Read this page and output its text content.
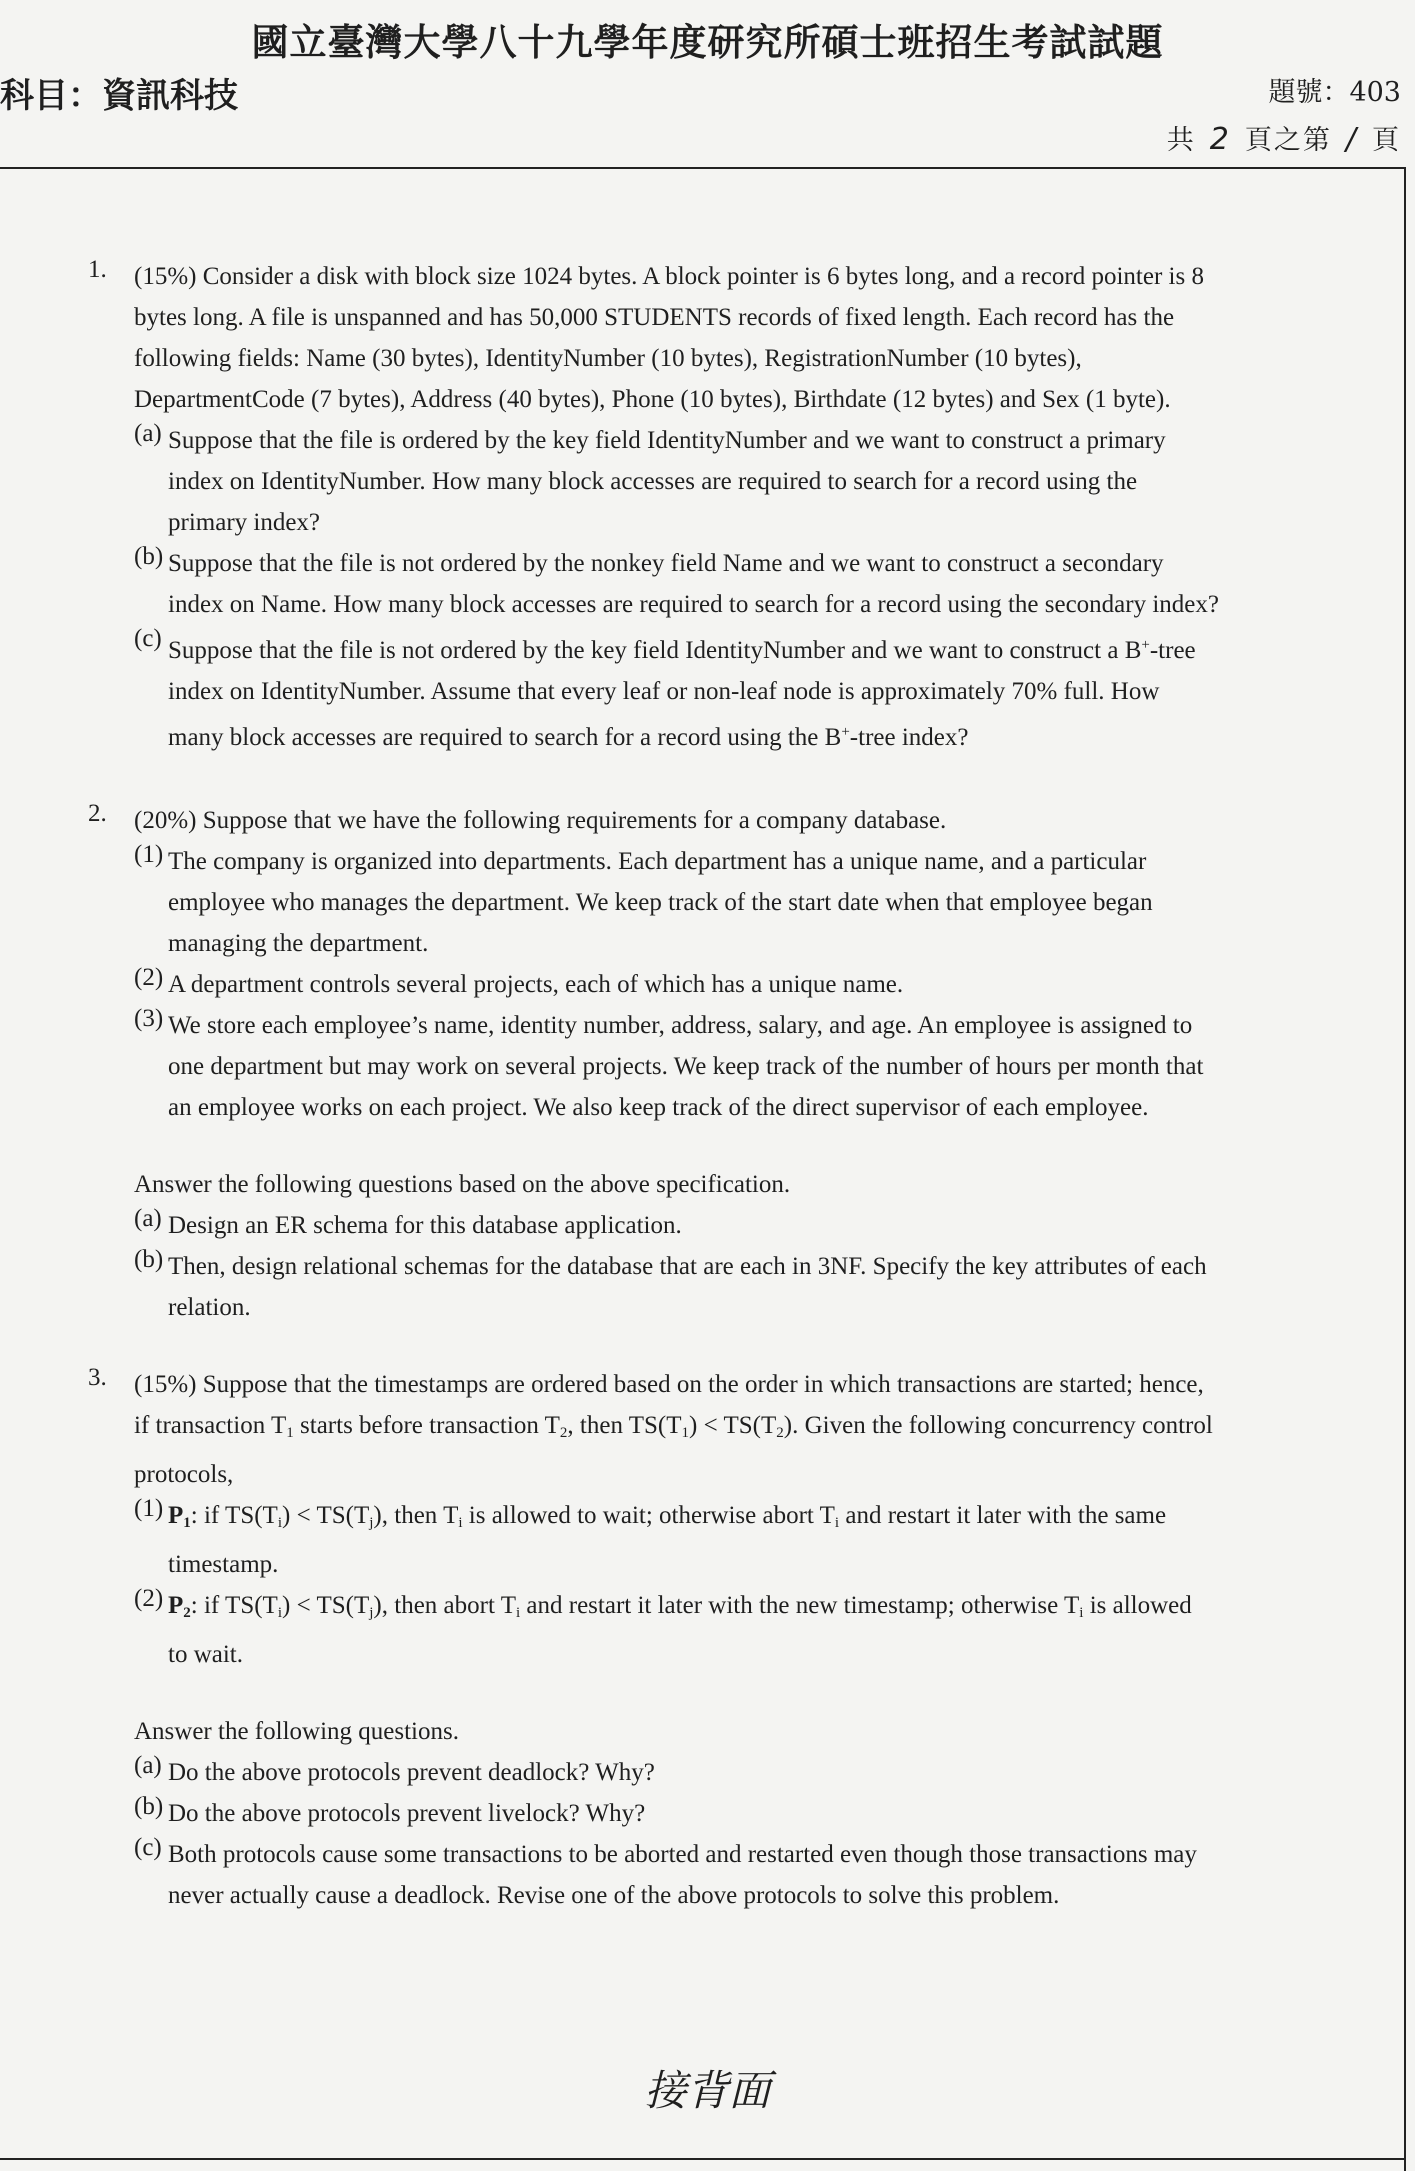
國立臺灣大學八十九學年度研究所碩士班招生考試試題
科目：資訊科技	題號：403
共 2 頁之第 / 頁
1. (15%) Consider a disk with block size 1024 bytes. A block pointer is 6 bytes long, and a record pointer is 8
bytes long. A file is unspanned and has 50,000 STUDENTS records of fixed length. Each record has the
following fields: Name (30 bytes), IdentityNumber (10 bytes), RegistrationNumber (10 bytes),
DepartmentCode (7 bytes), Address (40 bytes), Phone (10 bytes), Birthdate (12 bytes) and Sex (1 byte).
(a) Suppose that the file is ordered by the key field IdentityNumber and we want to construct a primary
index on IdentityNumber. How many block accesses are required to search for a record using the
primary index?
(b) Suppose that the file is not ordered by the nonkey field Name and we want to construct a secondary
index on Name. How many block accesses are required to search for a record using the secondary index?
(c) Suppose that the file is not ordered by the key field IdentityNumber and we want to construct a B+-tree
index on IdentityNumber. Assume that every leaf or non-leaf node is approximately 70% full. How
many block accesses are required to search for a record using the B+-tree index?
2. (20%) Suppose that we have the following requirements for a company database.
(1) The company is organized into departments. Each department has a unique name, and a particular
employee who manages the department. We keep track of the start date when that employee began
managing the department.
(2) A department controls several projects, each of which has a unique name.
(3) We store each employee’s name, identity number, address, salary, and age. An employee is assigned to
one department but may work on several projects. We keep track of the number of hours per month that
an employee works on each project. We also keep track of the direct supervisor of each employee.
Answer the following questions based on the above specification.
(a) Design an ER schema for this database application.
(b) Then, design relational schemas for the database that are each in 3NF. Specify the key attributes of each
relation.
3. (15%) Suppose that the timestamps are ordered based on the order in which transactions are started; hence,
if transaction $T_1$ starts before transaction $T_2$, then $TS(T_1) < TS(T_2)$. Given the following concurrency control
protocols,
(1) $P_1$: if $TS(T_i) < TS(T_j)$, then $T_i$ is allowed to wait; otherwise abort $T_i$ and restart it later with the same
timestamp.
(2) $P_2$: if $TS(T_i) < TS(T_j)$, then abort $T_i$ and restart it later with the new timestamp; otherwise $T_i$ is allowed
to wait.
Answer the following questions.
(a) Do the above protocols prevent deadlock? Why?
(b) Do the above protocols prevent livelock? Why?
(c) Both protocols cause some transactions to be aborted and restarted even though those transactions may
never actually cause a deadlock. Revise one of the above protocols to solve this problem.
接背面
